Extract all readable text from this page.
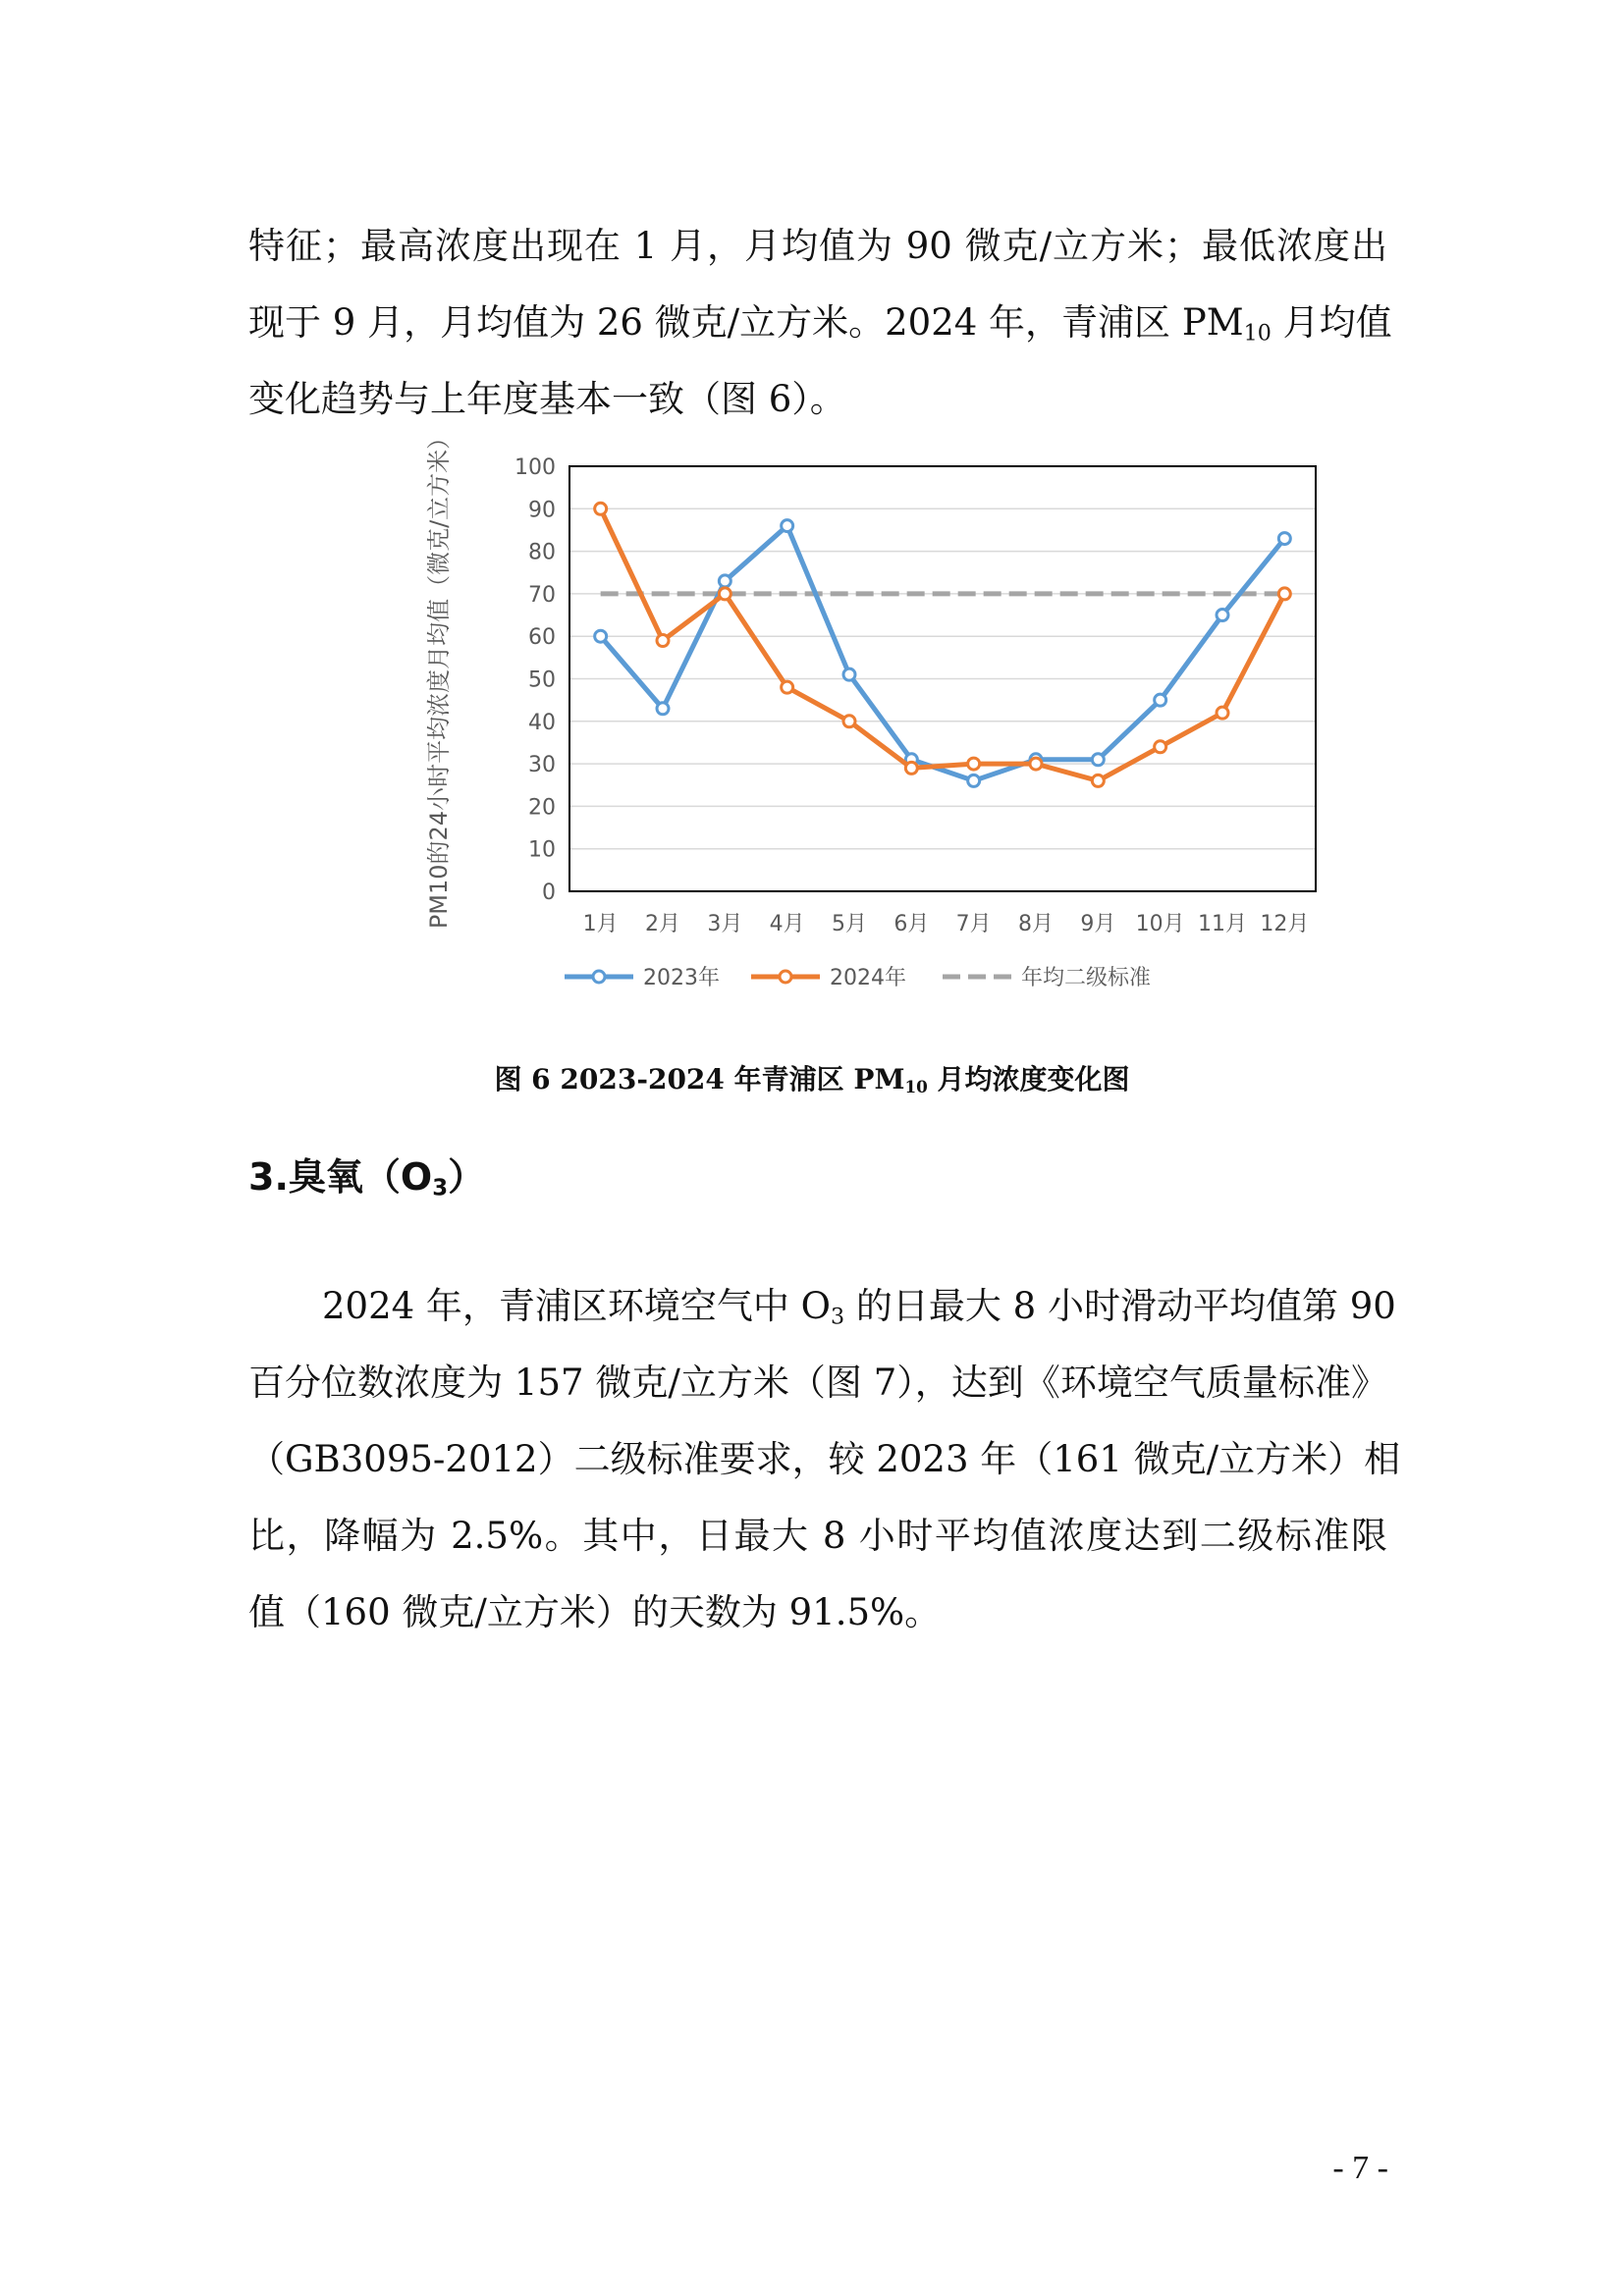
特征；最高浓度出现在 1 月，月均值为 90 微克/立方米；最低浓度出
现于 9 月，月均值为 26 微克/立方米。2024 年，青浦区 $PM_{10}$ 月均值
变化趋势与上年度基本一致（图 6）。
0
10
20
30
40
50
60
70
80
90
100
1月 2月 3月 4月 5月 6月 7月 8月 9月 10月 11月 12月
PM10的24小时平均浓度月均值（微克/立方米）
2023年	2024年	年均二级标准
图 6 2023-2024 年青浦区 $PM_{10}$ 月均浓度变化图
3.臭氧$(O_3)$
2024 年，青浦区环境空气中 $O_3$ 的日最大 8 小时滑动平均值第 90
百分位数浓度为 157 微克/立方米（图 7），达到《环境空气质量标准》
（GB3095-2012）二级标准要求，较 2023 年（161 微克/立方米）相
比，降幅为 2.5%。其中，日最大 8 小时平均值浓度达到二级标准限
值（160 微克/立方米）的天数为 91.5%。
- 7 -
